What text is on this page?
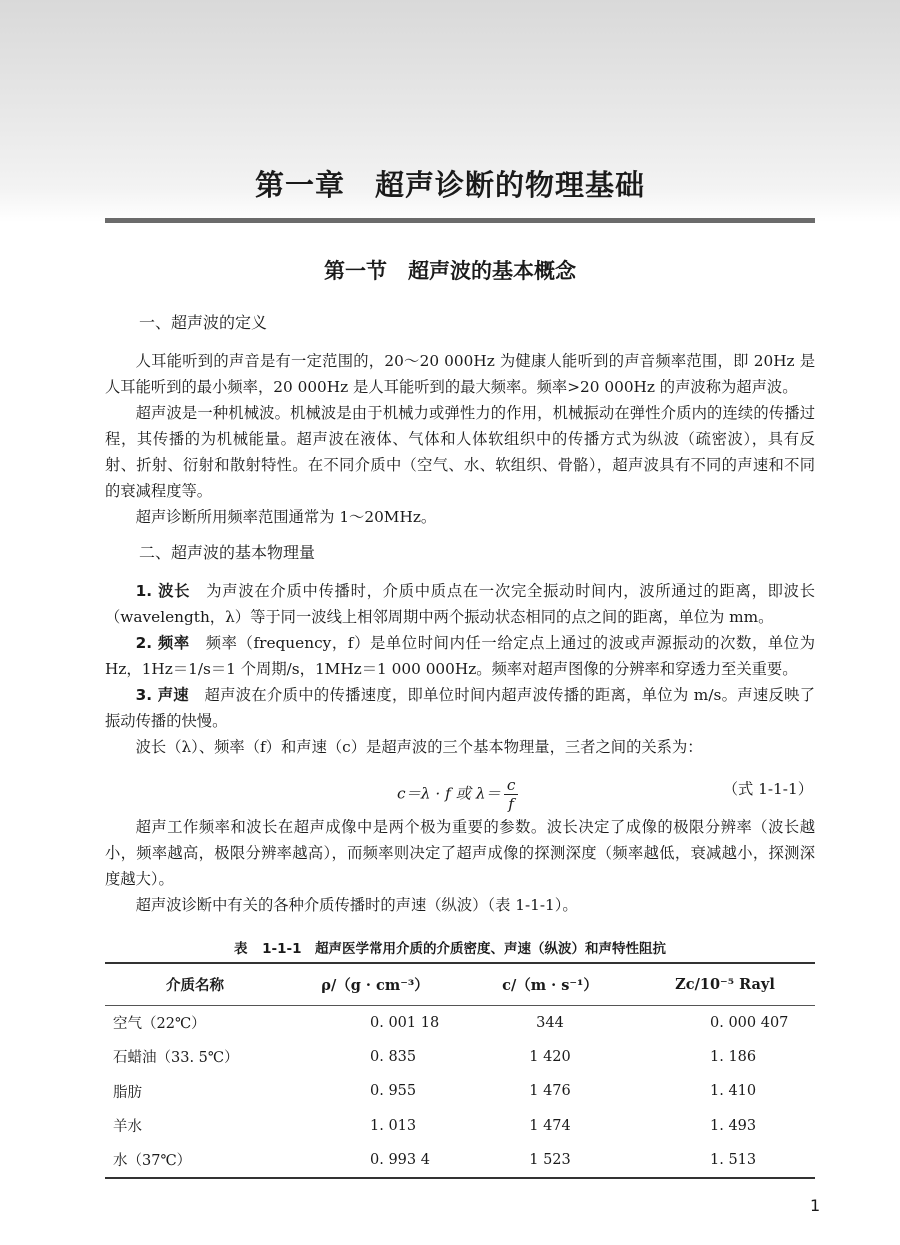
第一章　超声诊断的物理基础
第一节　超声波的基本概念
一、超声波的定义

人耳能听到的声音是有一定范围的，20～20 000Hz 为健康人能听到的声音频率范围，即 20Hz 是人耳能听到的最小频率，20 000Hz 是人耳能听到的最大频率。频率>20 000Hz 的声波称为超声波。

超声波是一种机械波。机械波是由于机械力或弹性力的作用，机械振动在弹性介质内的连续的传播过程，其传播的为机械能量。超声波在液体、气体和人体软组织中的传播方式为纵波（疏密波），具有反射、折射、衍射和散射特性。在不同介质中（空气、水、软组织、骨骼），超声波具有不同的声速和不同的衰减程度等。

超声诊断所用频率范围通常为 1～20MHz。

二、超声波的基本物理量

1. 波长　为声波在介质中传播时，介质中质点在一次完全振动时间内，波所通过的距离，即波长（wavelength，λ）等于同一波线上相邻周期中两个振动状态相同的点之间的距离，单位为 mm。

2. 频率　频率（frequency，f）是单位时间内任一给定点上通过的波或声源振动的次数，单位为 Hz，1Hz＝1/s＝1 个周期/s，1MHz＝1 000 000Hz。频率对超声图像的分辨率和穿透力至关重要。

3. 声速　超声波在介质中的传播速度，即单位时间内超声波传播的距离，单位为 m/s。声速反映了振动传播的快慢。

波长（λ）、频率（f）和声速（c）是超声波的三个基本物理量，三者之间的关系为：

c＝λ · f 或 $\lambda= \frac{c}{f}$	（式 1-1-1）

超声工作频率和波长在超声成像中是两个极为重要的参数。波长决定了成像的极限分辨率（波长越小，频率越高，极限分辨率越高），而频率则决定了超声成像的探测深度（频率越低，衰减越小，探测深度越大）。

超声波诊断中有关的各种介质传播时的声速（纵波）（表 1-1-1）。

表 1-1-1　超声医学常用介质的介质密度、声速（纵波）和声特性阻抗
介质名称	ρ/（g · cm⁻³）	c/（m · s⁻¹）	Zc/10⁻⁵ Rayl
空气（22℃）	0. 001 18	344	0. 000 407
石蜡油（33. 5℃）	0. 835	1 420	1. 186
脂肪	0. 955	1 476	1. 410
羊水	1. 013	1 474	1. 493
水（37℃）	0. 993 4	1 523	1. 513
1
